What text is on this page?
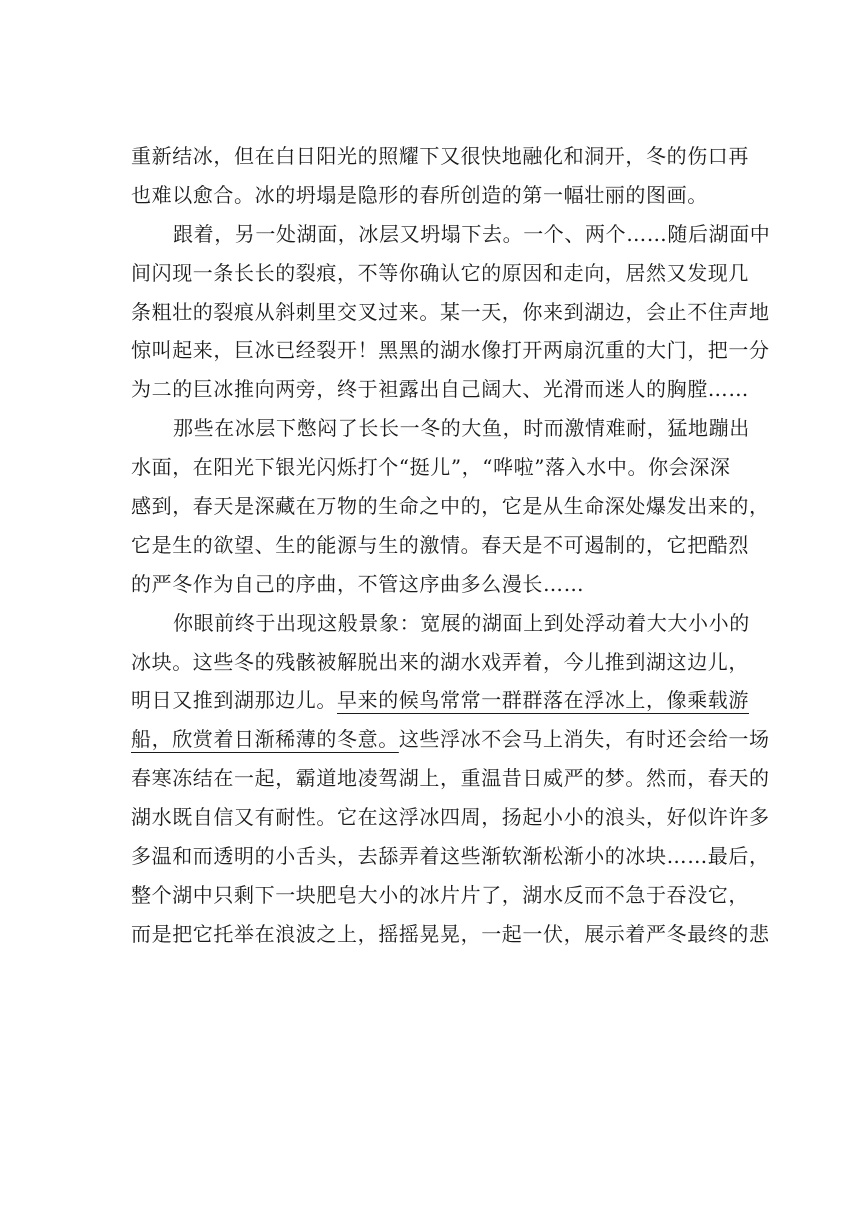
重新结冰，但在白日阳光的照耀下又很快地融化和洞开，冬的伤口再
也难以愈合。冰的坍塌是隐形的春所创造的第一幅壮丽的图画。
跟着，另一处湖面，冰层又坍塌下去。一个、两个……随后湖面中
间闪现一条长长的裂痕，不等你确认它的原因和走向，居然又发现几
条粗壮的裂痕从斜刺里交叉过来。某一天，你来到湖边，会止不住声地
惊叫起来，巨冰已经裂开！黑黑的湖水像打开两扇沉重的大门，把一分
为二的巨冰推向两旁，终于袒露出自己阔大、光滑而迷人的胸膛……
那些在冰层下憋闷了长长一冬的大鱼，时而激情难耐，猛地蹦出
水面，在阳光下银光闪烁打个“挺儿”，“哗啦”落入水中。你会深深
感到，春天是深藏在万物的生命之中的，它是从生命深处爆发出来的，
它是生的欲望、生的能源与生的激情。春天是不可遏制的，它把酷烈
的严冬作为自己的序曲，不管这序曲多么漫长……
你眼前终于出现这般景象：宽展的湖面上到处浮动着大大小小的
冰块。这些冬的残骸被解脱出来的湖水戏弄着，今儿推到湖这边儿，
明日又推到湖那边儿。早来的候鸟常常一群群落在浮冰上，像乘载游
船，欣赏着日渐稀薄的冬意。这些浮冰不会马上消失，有时还会给一场
春寒冻结在一起，霸道地凌驾湖上，重温昔日威严的梦。然而，春天的
湖水既自信又有耐性。它在这浮冰四周，扬起小小的浪头，好似许许多
多温和而透明的小舌头，去舔弄着这些渐软渐松渐小的冰块……最后，
整个湖中只剩下一块肥皂大小的冰片片了，湖水反而不急于吞没它，
而是把它托举在浪波之上，摇摇晃晃，一起一伏，展示着严冬最终的悲
